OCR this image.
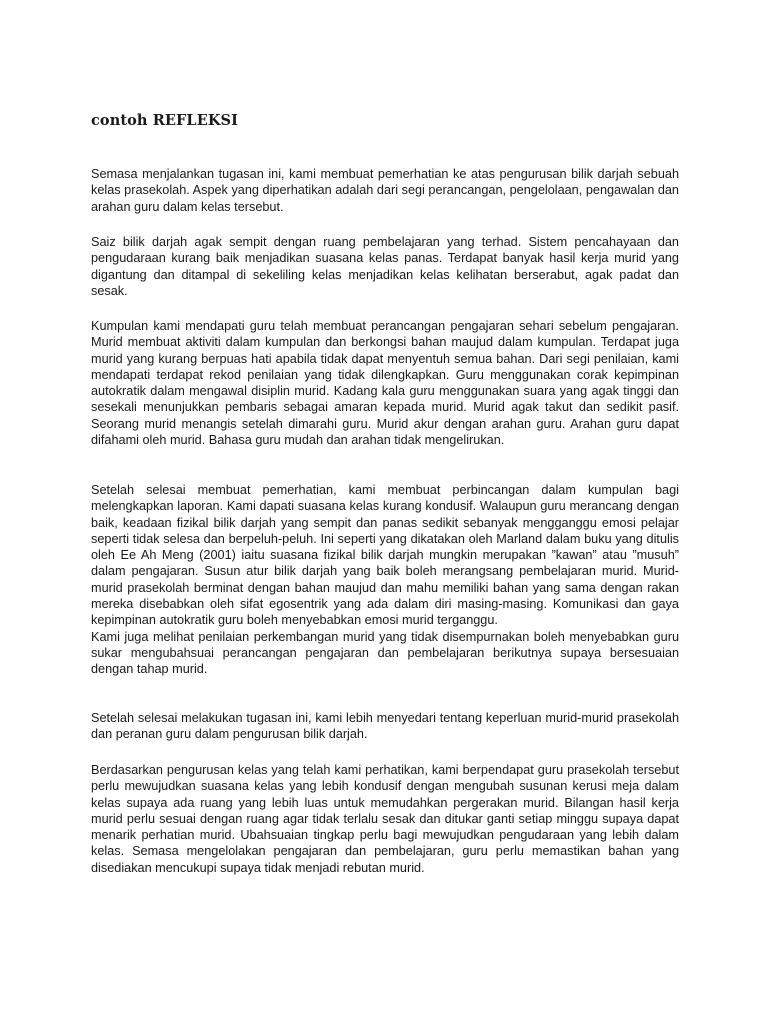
contoh REFLEKSI

Semasa menjalankan tugasan ini, kami membuat pemerhatian ke atas pengurusan bilik darjah sebuah kelas prasekolah. Aspek yang diperhatikan adalah dari segi perancangan, pengelolaan, pengawalan dan arahan guru dalam kelas tersebut.

Saiz bilik darjah agak sempit dengan ruang pembelajaran yang terhad. Sistem pencahayaan dan pengudaraan kurang baik menjadikan suasana kelas panas. Terdapat banyak hasil kerja murid yang digantung dan ditampal di sekeliling kelas menjadikan kelas kelihatan berserabut, agak padat dan sesak.

Kumpulan kami mendapati guru telah membuat perancangan pengajaran sehari sebelum pengajaran. Murid membuat aktiviti dalam kumpulan dan berkongsi bahan maujud dalam kumpulan. Terdapat juga murid yang kurang berpuas hati apabila tidak dapat menyentuh semua bahan. Dari segi penilaian, kami mendapati terdapat rekod penilaian yang tidak dilengkapkan. Guru menggunakan corak kepimpinan autokratik dalam mengawal disiplin murid. Kadang kala guru menggunakan suara yang agak tinggi dan sesekali menunjukkan pembaris sebagai amaran kepada murid. Murid agak takut dan sedikit pasif. Seorang murid menangis setelah dimarahi guru. Murid akur dengan arahan guru. Arahan guru dapat difahami oleh murid. Bahasa guru mudah dan arahan tidak mengelirukan.

Setelah selesai membuat pemerhatian, kami membuat perbincangan dalam kumpulan bagi melengkapkan laporan. Kami dapati suasana kelas kurang kondusif. Walaupun guru merancang dengan baik, keadaan fizikal bilik darjah yang sempit dan panas sedikit sebanyak mengganggu emosi pelajar seperti tidak selesa dan berpeluh-peluh. Ini seperti yang dikatakan oleh Marland dalam buku yang ditulis oleh Ee Ah Meng (2001) iaitu suasana fizikal bilik darjah mungkin merupakan ”kawan” atau ”musuh” dalam pengajaran. Susun atur bilik darjah yang baik boleh merangsang pembelajaran murid. Murid-murid prasekolah berminat dengan bahan maujud dan mahu memiliki bahan yang sama dengan rakan mereka disebabkan oleh sifat egosentrik yang ada dalam diri masing-masing. Komunikasi dan gaya kepimpinan autokratik guru boleh menyebabkan emosi murid terganggu.
Kami juga melihat penilaian perkembangan murid yang tidak disempurnakan boleh menyebabkan guru sukar mengubahsuai perancangan pengajaran dan pembelajaran berikutnya supaya bersesuaian dengan tahap murid.

Setelah selesai melakukan tugasan ini, kami lebih menyedari tentang keperluan murid-murid prasekolah dan peranan guru dalam pengurusan bilik darjah.

Berdasarkan pengurusan kelas yang telah kami perhatikan, kami berpendapat guru prasekolah tersebut perlu mewujudkan suasana kelas yang lebih kondusif dengan mengubah susunan kerusi meja dalam kelas supaya ada ruang yang lebih luas untuk memudahkan pergerakan murid. Bilangan hasil kerja murid perlu sesuai dengan ruang agar tidak terlalu sesak dan ditukar ganti setiap minggu supaya dapat menarik perhatian murid. Ubahsuaian tingkap perlu bagi mewujudkan pengudaraan yang lebih dalam kelas. Semasa mengelolakan pengajaran dan pembelajaran, guru perlu memastikan bahan yang disediakan mencukupi supaya tidak menjadi rebutan murid.
